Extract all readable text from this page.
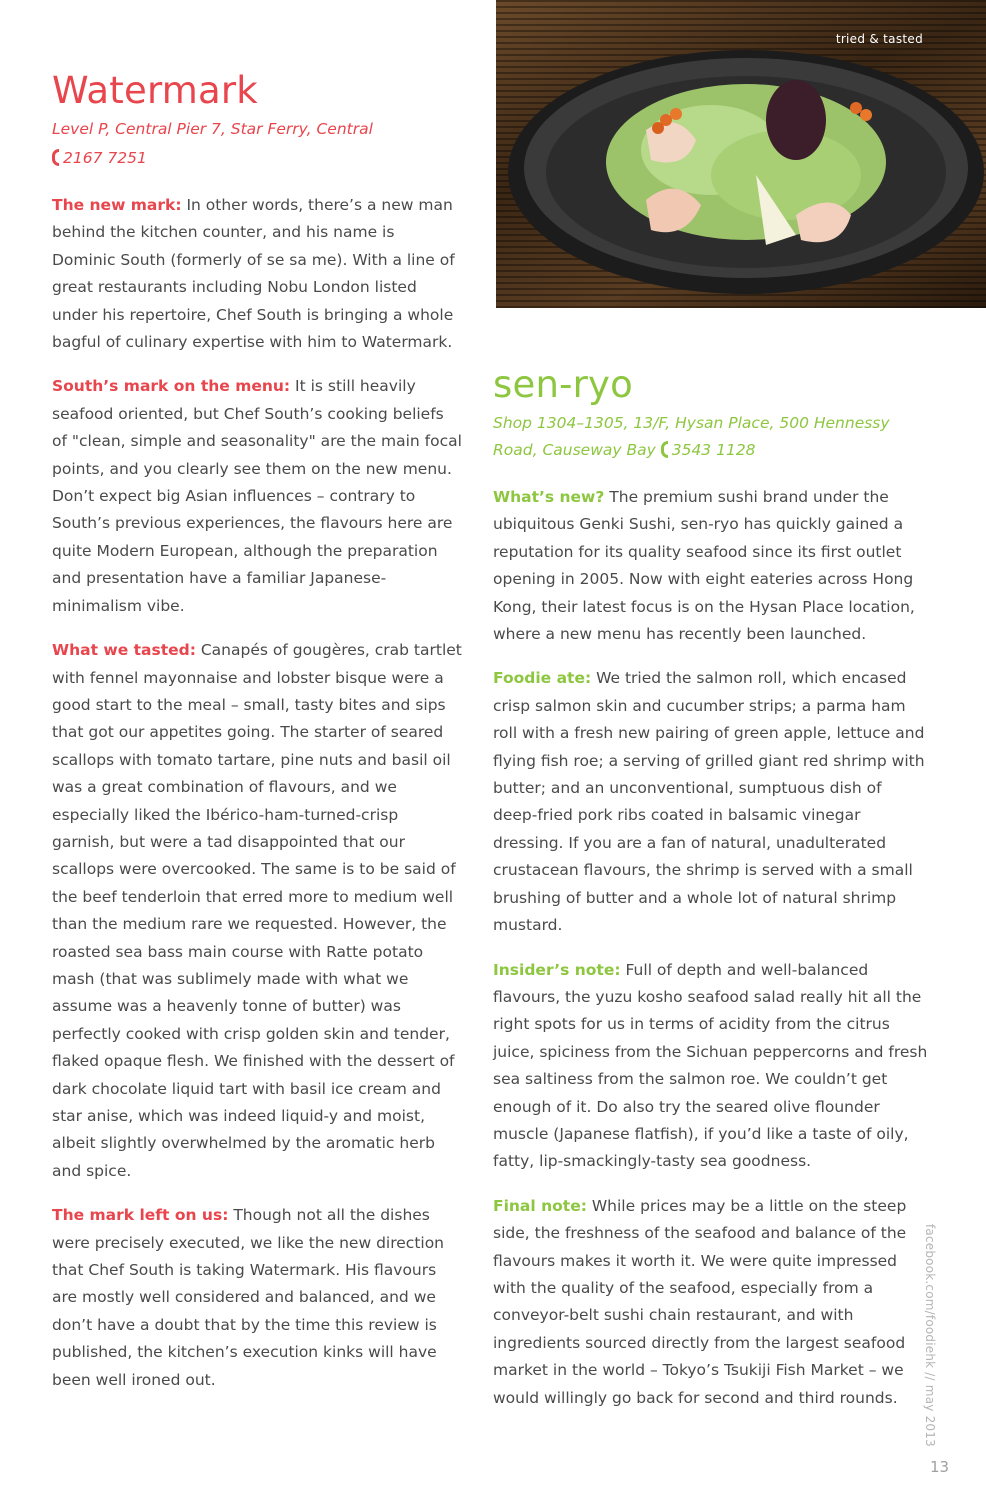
tried & tasted
Watermark
Level P, Central Pier 7, Star Ferry, Central
2167 7251

The new mark: In other words, there’s a new man behind the kitchen counter, and his name is Dominic South (formerly of se sa me). With a line of great restaurants including Nobu London listed under his repertoire, Chef South is bringing a whole bagful of culinary expertise with him to Watermark.

South’s mark on the menu: It is still heavily seafood oriented, but Chef South’s cooking beliefs of "clean, simple and seasonality" are the main focal points, and you clearly see them on the new menu. Don’t expect big Asian influences – contrary to South’s previous experiences, the flavours here are quite Modern European, although the preparation and presentation have a familiar Japanese-minimalism vibe.

What we tasted: Canapés of gougères, crab tartlet with fennel mayonnaise and lobster bisque were a good start to the meal – small, tasty bites and sips that got our appetites going. The starter of seared scallops with tomato tartare, pine nuts and basil oil was a great combination of flavours, and we especially liked the Ibérico-ham-turned-crisp garnish, but were a tad disappointed that our scallops were overcooked. The same is to be said of the beef tenderloin that erred more to medium well than the medium rare we requested. However, the roasted sea bass main course with Ratte potato mash (that was sublimely made with what we assume was a heavenly tonne of butter) was perfectly cooked with crisp golden skin and tender, flaked opaque flesh. We finished with the dessert of dark chocolate liquid tart with basil ice cream and star anise, which was indeed liquid-y and moist, albeit slightly overwhelmed by the aromatic herb and spice.

The mark left on us: Though not all the dishes were precisely executed, we like the new direction that Chef South is taking Watermark. His flavours are mostly well considered and balanced, and we don’t have a doubt that by the time this review is published, the kitchen’s execution kinks will have been well ironed out.

sen-ryo
Shop 1304–1305, 13/F, Hysan Place, 500 Hennessy Road, Causeway Bay 3543 1128

What’s new? The premium sushi brand under the ubiquitous Genki Sushi, sen-ryo has quickly gained a reputation for its quality seafood since its first outlet opening in 2005. Now with eight eateries across Hong Kong, their latest focus is on the Hysan Place location, where a new menu has recently been launched.

Foodie ate: We tried the salmon roll, which encased crisp salmon skin and cucumber strips; a parma ham roll with a fresh new pairing of green apple, lettuce and flying fish roe; a serving of grilled giant red shrimp with butter; and an unconventional, sumptuous dish of deep-fried pork ribs coated in balsamic vinegar dressing. If you are a fan of natural, unadulterated crustacean flavours, the shrimp is served with a small brushing of butter and a whole lot of natural shrimp mustard.

Insider’s note: Full of depth and well-balanced flavours, the yuzu kosho seafood salad really hit all the right spots for us in terms of acidity from the citrus juice, spiciness from the Sichuan peppercorns and fresh sea saltiness from the salmon roe. We couldn’t get enough of it. Do also try the seared olive flounder muscle (Japanese flatfish), if you’d like a taste of oily, fatty, lip-smackingly-tasty sea goodness.

Final note: While prices may be a little on the steep side, the freshness of the seafood and balance of the flavours makes it worth it. We were quite impressed with the quality of the seafood, especially from a conveyor-belt sushi chain restaurant, and with ingredients sourced directly from the largest seafood market in the world – Tokyo’s Tsukiji Fish Market – we would willingly go back for second and third rounds.	facebook.com/foodiehk // may 2013
13
